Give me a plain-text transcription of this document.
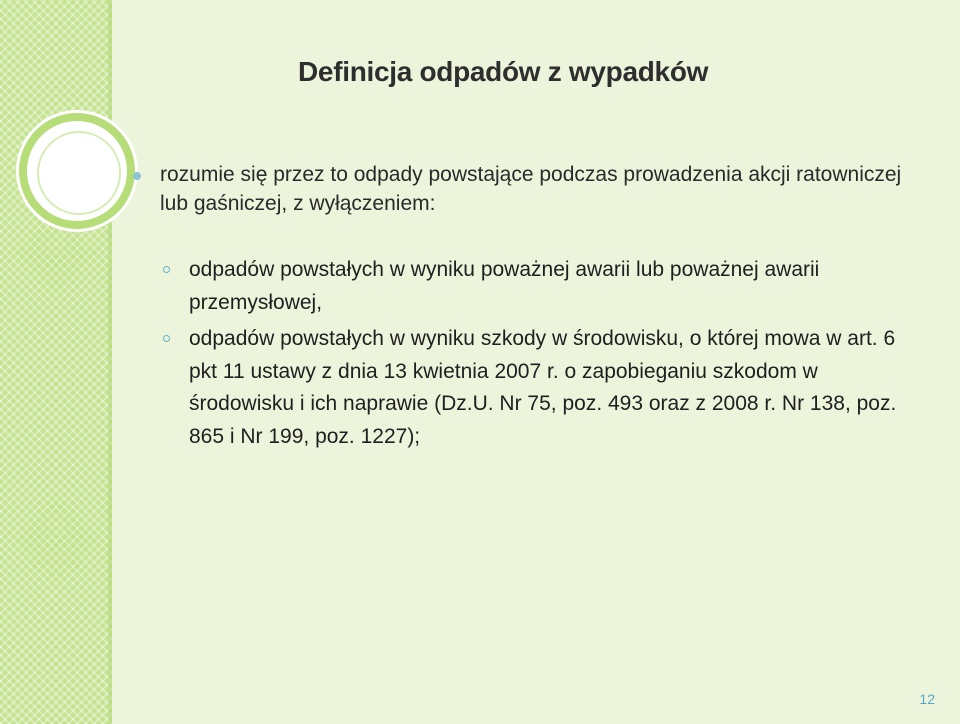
Definicja odpadów z wypadków
rozumie się przez to odpady powstające podczas prowadzenia akcji ratowniczej lub gaśniczej, z wyłączeniem:
odpadów powstałych w wyniku poważnej awarii lub poważnej awarii przemysłowej,
odpadów powstałych w wyniku szkody w środowisku, o której mowa w art. 6 pkt 11 ustawy z dnia 13 kwietnia 2007 r. o zapobieganiu szkodom w środowisku i ich naprawie (Dz.U. Nr 75, poz. 493 oraz z 2008 r. Nr 138, poz. 865 i Nr 199, poz. 1227);
12
